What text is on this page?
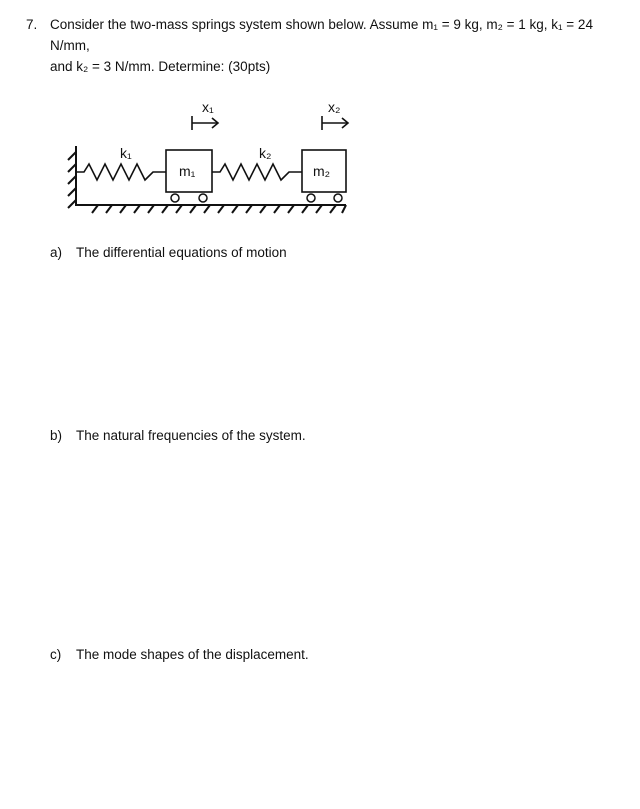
7. Consider the two-mass springs system shown below. Assume m₁ = 9 kg, m₂ = 1 kg, k₁ = 24 N/mm,
and k₂ = 3 N/mm. Determine: (30pts)
k₁
m₁
k₂
m₂
x₁	x₂
a) The differential equations of motion
b) The natural frequencies of the system.
c) The mode shapes of the displacement.
